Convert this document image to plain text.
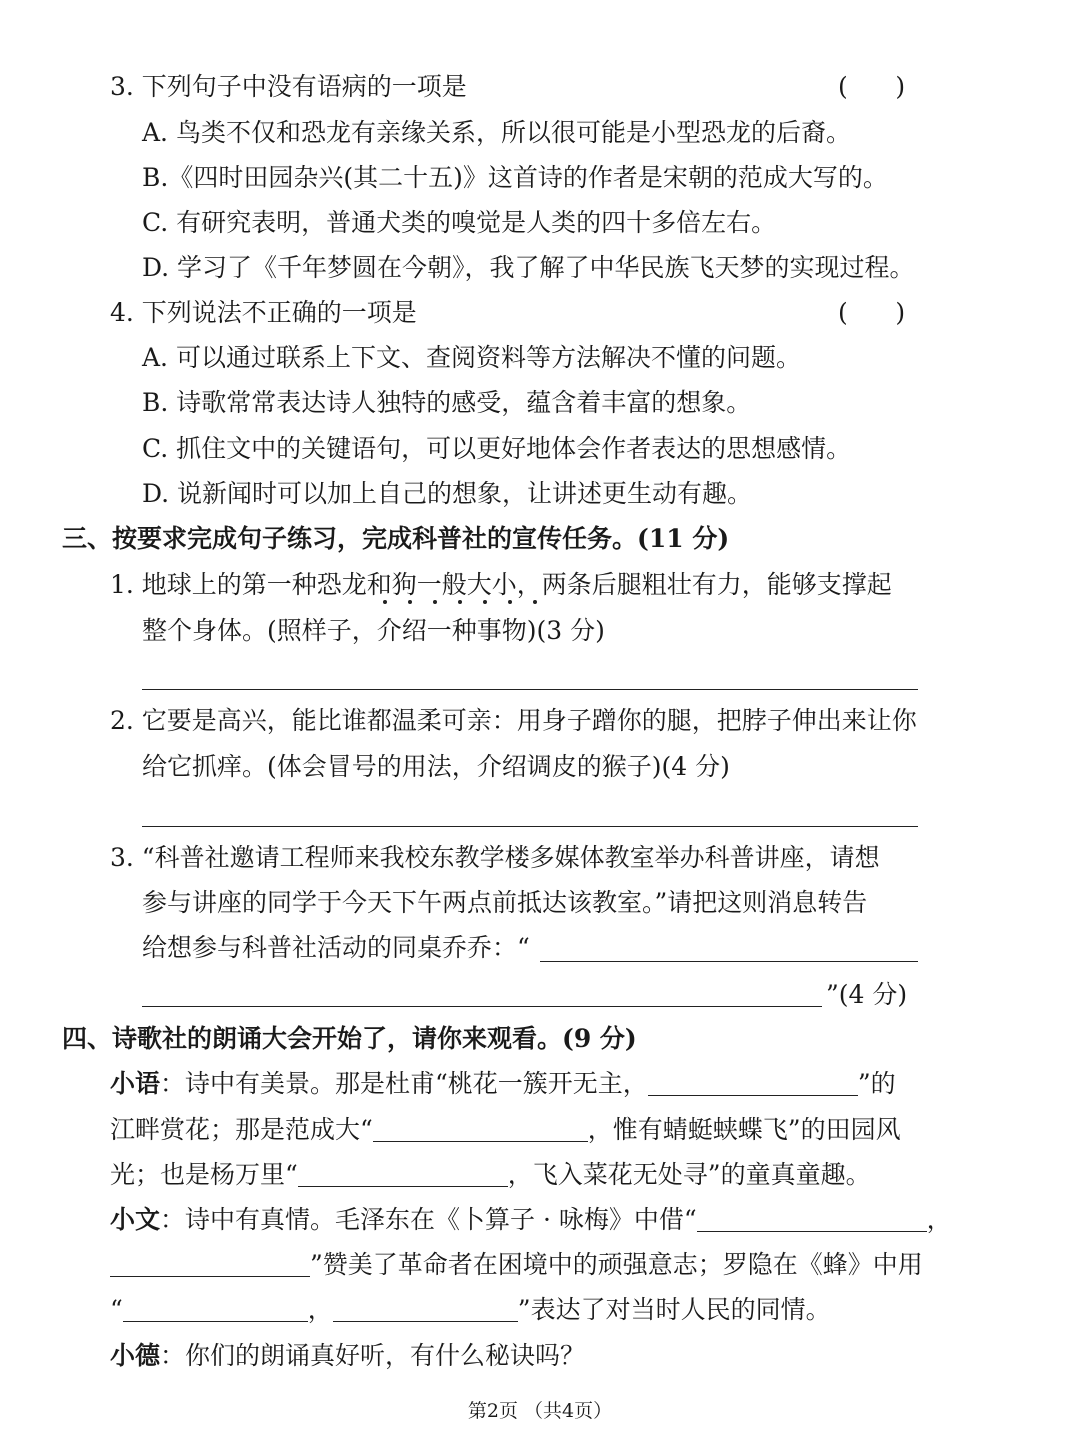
3. 下列句子中没有语病的一项是	(      )
A. 鸟类不仅和恐龙有亲缘关系，所以很可能是小型恐龙的后裔。
B.《四时田园杂兴(其二十五)》这首诗的作者是宋朝的范成大写的。
C. 有研究表明，普通犬类的嗅觉是人类的四十多倍左右。
D. 学习了《千年梦圆在今朝》，我了解了中华民族飞天梦的实现过程。
4. 下列说法不正确的一项是	(      )
A. 可以通过联系上下文、查阅资料等方法解决不懂的问题。
B. 诗歌常常表达诗人独特的感受，蕴含着丰富的想象。
C. 抓住文中的关键语句，可以更好地体会作者表达的思想感情。
D. 说新闻时可以加上自己的想象，让讲述更生动有趣。
三、按要求完成句子练习，完成科普社的宣传任务。(11 分)
1. 地球上的第一种恐龙和狗一般大小，两条后腿粗壮有力，能够支撑起
整个身体。(照样子，介绍一种事物)(3 分)
2. 它要是高兴，能比谁都温柔可亲：用身子蹭你的腿，把脖子伸出来让你
给它抓痒。(体会冒号的用法，介绍调皮的猴子)(4 分)
3. “科普社邀请工程师来我校东教学楼多媒体教室举办科普讲座，请想
参与讲座的同学于今天下午两点前抵达该教室。”请把这则消息转告
给想参与科普社活动的同桌乔乔：“
”(4 分)
四、诗歌社的朗诵大会开始了，请你来观看。(9 分)
小语：诗中有美景。那是杜甫“桃花一簇开无主，	”的
江畔赏花；那是范成大“	，惟有蜻蜓蛱蝶飞”的田园风
光；也是杨万里“	，飞入菜花无处寻”的童真童趣。
小文：诗中有真情。毛泽东在《卜算子 · 咏梅》中借“	，
”赞美了革命者在困境中的顽强意志；罗隐在《蜂》中用
“	，	”表达了对当时人民的同情。
小德：你们的朗诵真好听，有什么秘诀吗？
第2页 （共4页）
